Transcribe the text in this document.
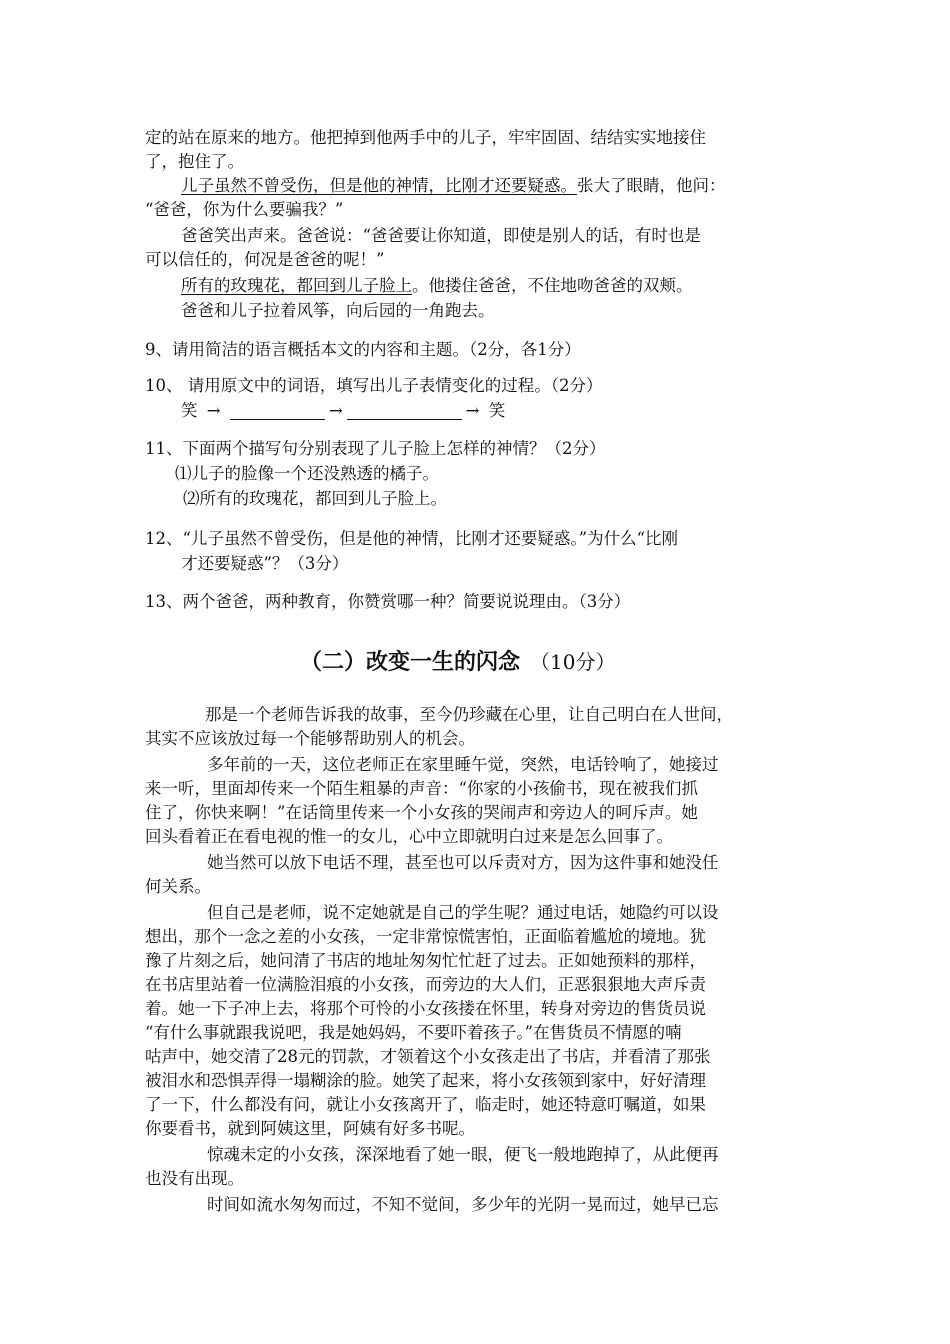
定的站在原来的地方。他把掉到他两手中的儿子，牢牢固固、结结实实地接住
了，抱住了。
儿子虽然不曾受伤，但是他的神情，比刚才还要疑惑。张大了眼睛，他问：
“爸爸，你为什么要骗我？”
爸爸笑出声来。爸爸说：“爸爸要让你知道，即使是别人的话，有时也是
可以信任的，何况是爸爸的呢！”
所有的玫瑰花，都回到儿子脸上。他搂住爸爸，不住地吻爸爸的双颊。
爸爸和儿子拉着风筝，向后园的一角跑去。
9、请用简洁的语言概括本文的内容和主题。（2分，各1分）
10、 请用原文中的词语，填写出儿子表情变化的过程。（2分）
笑 →	→	→ 笑
11、下面两个描写句分别表现了儿子脸上怎样的神情？（2分）
⑴儿子的脸像一个还没熟透的橘子。
⑵所有的玫瑰花，都回到儿子脸上。
12、“儿子虽然不曾受伤，但是他的神情，比刚才还要疑惑。”为什么“比刚
才还要疑惑”？（3分）
13、两个爸爸，两种教育，你赞赏哪一种？简要说说理由。（3分）
（二）改变一生的闪念 （10分）
那是一个老师告诉我的故事，至今仍珍藏在心里，让自己明白在人世间，
其实不应该放过每一个能够帮助别人的机会。
多年前的一天，这位老师正在家里睡午觉，突然，电话铃响了，她接过
来一听，里面却传来一个陌生粗暴的声音：“你家的小孩偷书，现在被我们抓
住了，你快来啊！”在话筒里传来一个小女孩的哭闹声和旁边人的呵斥声。她
回头看着正在看电视的惟一的女儿，心中立即就明白过来是怎么回事了。
她当然可以放下电话不理，甚至也可以斥责对方，因为这件事和她没任
何关系。
但自己是老师，说不定她就是自己的学生呢？通过电话，她隐约可以设
想出，那个一念之差的小女孩，一定非常惊慌害怕，正面临着尴尬的境地。犹
豫了片刻之后，她问清了书店的地址匆匆忙忙赶了过去。正如她预料的那样，
在书店里站着一位满脸泪痕的小女孩，而旁边的大人们，正恶狠狠地大声斥责
着。她一下子冲上去，将那个可怜的小女孩搂在怀里，转身对旁边的售货员说
“有什么事就跟我说吧，我是她妈妈，不要吓着孩子。”在售货员不情愿的喃
咕声中，她交清了28元的罚款，才领着这个小女孩走出了书店，并看清了那张
被泪水和恐惧弄得一塌糊涂的脸。她笑了起来，将小女孩领到家中，好好清理
了一下，什么都没有问，就让小女孩离开了，临走时，她还特意叮嘱道，如果
你要看书，就到阿姨这里，阿姨有好多书呢。
惊魂未定的小女孩，深深地看了她一眼，便飞一般地跑掉了，从此便再
也没有出现。
时间如流水匆匆而过，不知不觉间，多少年的光阴一晃而过，她早已忘
